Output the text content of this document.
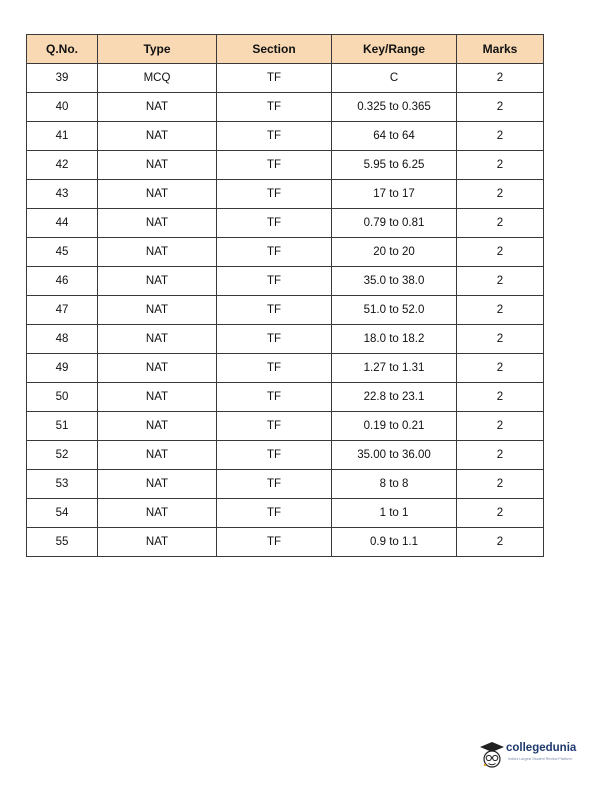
Q.No.	Type	Section	Key/Range	Marks
39	MCQ	TF	C	2
40	NAT	TF	0.325 to 0.365	2
41	NAT	TF	64 to 64	2
42	NAT	TF	5.95 to 6.25	2
43	NAT	TF	17 to 17	2
44	NAT	TF	0.79 to 0.81	2
45	NAT	TF	20 to 20	2
46	NAT	TF	35.0 to 38.0	2
47	NAT	TF	51.0 to 52.0	2
48	NAT	TF	18.0 to 18.2	2
49	NAT	TF	1.27 to 1.31	2
50	NAT	TF	22.8 to 23.1	2
51	NAT	TF	0.19 to 0.21	2
52	NAT	TF	35.00 to 36.00	2
53	NAT	TF	8 to 8	2
54	NAT	TF	1 to 1	2
55	NAT	TF	0.9 to 1.1	2
collegedunia
India's Largest Student Review Platform
